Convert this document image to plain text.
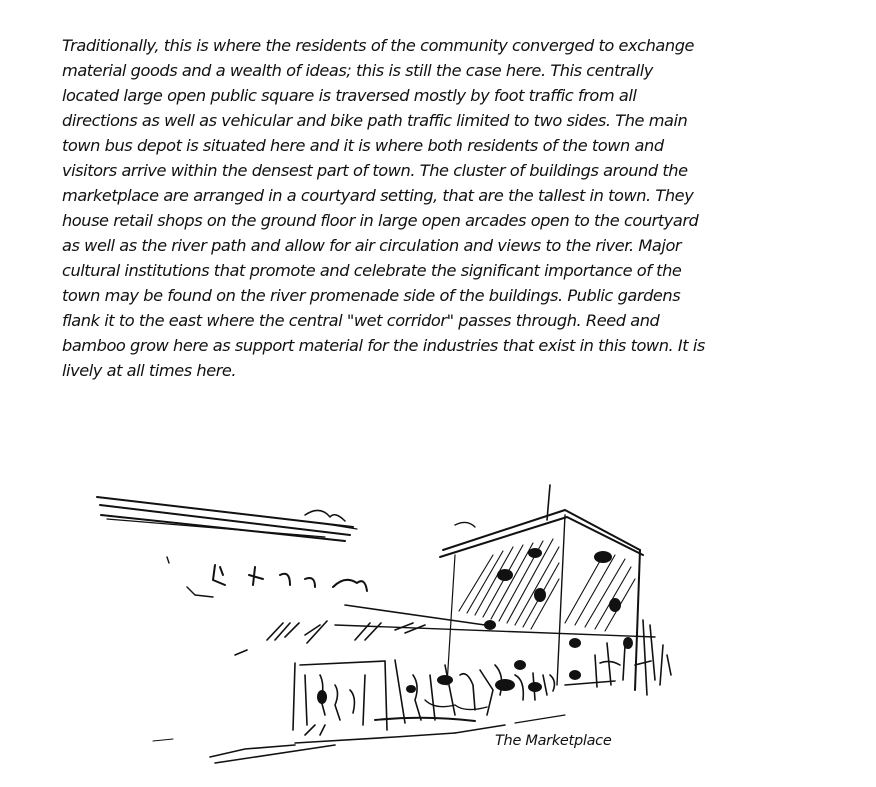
Traditionally, this is where the residents of the community converged to exchange
material goods and a wealth of ideas; this is still the case here. This centrally
located large open public square is traversed mostly by foot traffic from all
directions as well as vehicular and bike path traffic limited to two sides. The main
town bus depot is situated here and it is where both residents of the town and
visitors arrive within the densest part of town. The cluster of buildings around the
marketplace are arranged in a courtyard setting, that are the tallest in town. They
house retail shops on the ground floor in large open arcades open to the courtyard
as well as the river path and allow for air circulation and views to the river. Major
cultural institutions that promote and celebrate the significant importance of the
town may be found on the river promenade side of the buildings. Public gardens
flank it to the east where the central "wet corridor" passes through. Reed and
bamboo grow here as support material for the industries that exist in this town. It is
lively at all times here.
The Marketplace
